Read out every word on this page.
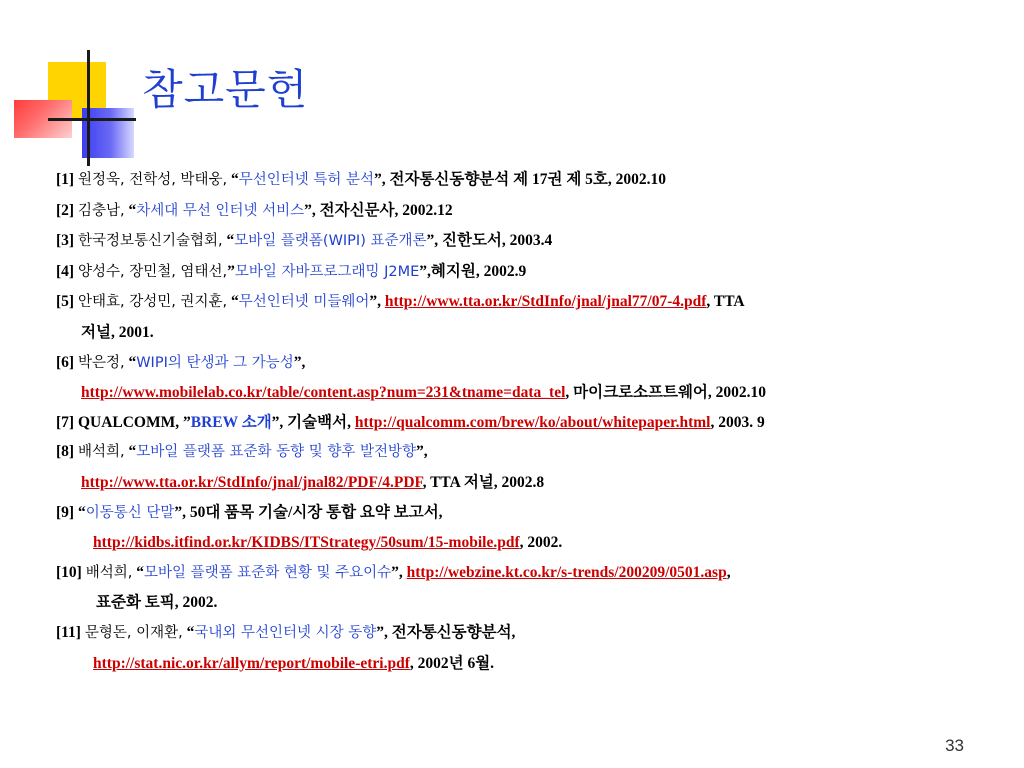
참고문헌
[1] 원정욱, 전학성, 박태웅, “무선인터넷 특허 분석”, 전자통신동향분석 제 17권 제 5호, 2002.10
[2] 김충남, “차세대 무선 인터넷 서비스”, 전자신문사, 2002.12
[3] 한국정보통신기술협회, “모바일 플랫폼(WIPI) 표준개론”, 진한도서, 2003.4
[4] 양성수, 장민철, 염태선,”모바일 자바프로그래밍 J2ME”,혜지원, 2002.9
[5] 안태효, 강성민, 권지훈, “무선인터넷 미들웨어”, http://www.tta.or.kr/StdInfo/jnal/jnal77/07-4.pdf, TTA
저널, 2001.
[6] 박은정, “WIPI의 탄생과 그 가능성”,
http://www.mobilelab.co.kr/table/content.asp?num=231&tname=data_tel, 마이크로소프트웨어, 2002.10
[7] QUALCOMM, ”BREW 소개”, 기술백서, http://qualcomm.com/brew/ko/about/whitepaper.html, 2003. 9
[8] 배석희, “모바일 플랫폼 표준화 동향 및 향후 발전방향”,
http://www.tta.or.kr/StdInfo/jnal/jnal82/PDF/4.PDF, TTA 저널, 2002.8
[9] “이동통신 단말”, 50대 품목 기술/시장 통합 요약 보고서,
http://kidbs.itfind.or.kr/KIDBS/ITStrategy/50sum/15-mobile.pdf, 2002.
[10] 배석희, “모바일 플랫폼 표준화 현황 및 주요이슈”, http://webzine.kt.co.kr/s-trends/200209/0501.asp,
표준화 토픽, 2002.
[11] 문형돈, 이재환, “국내외 무선인터넷 시장 동향”, 전자통신동향분석,
http://stat.nic.or.kr/allym/report/mobile-etri.pdf, 2002년 6월.
33
